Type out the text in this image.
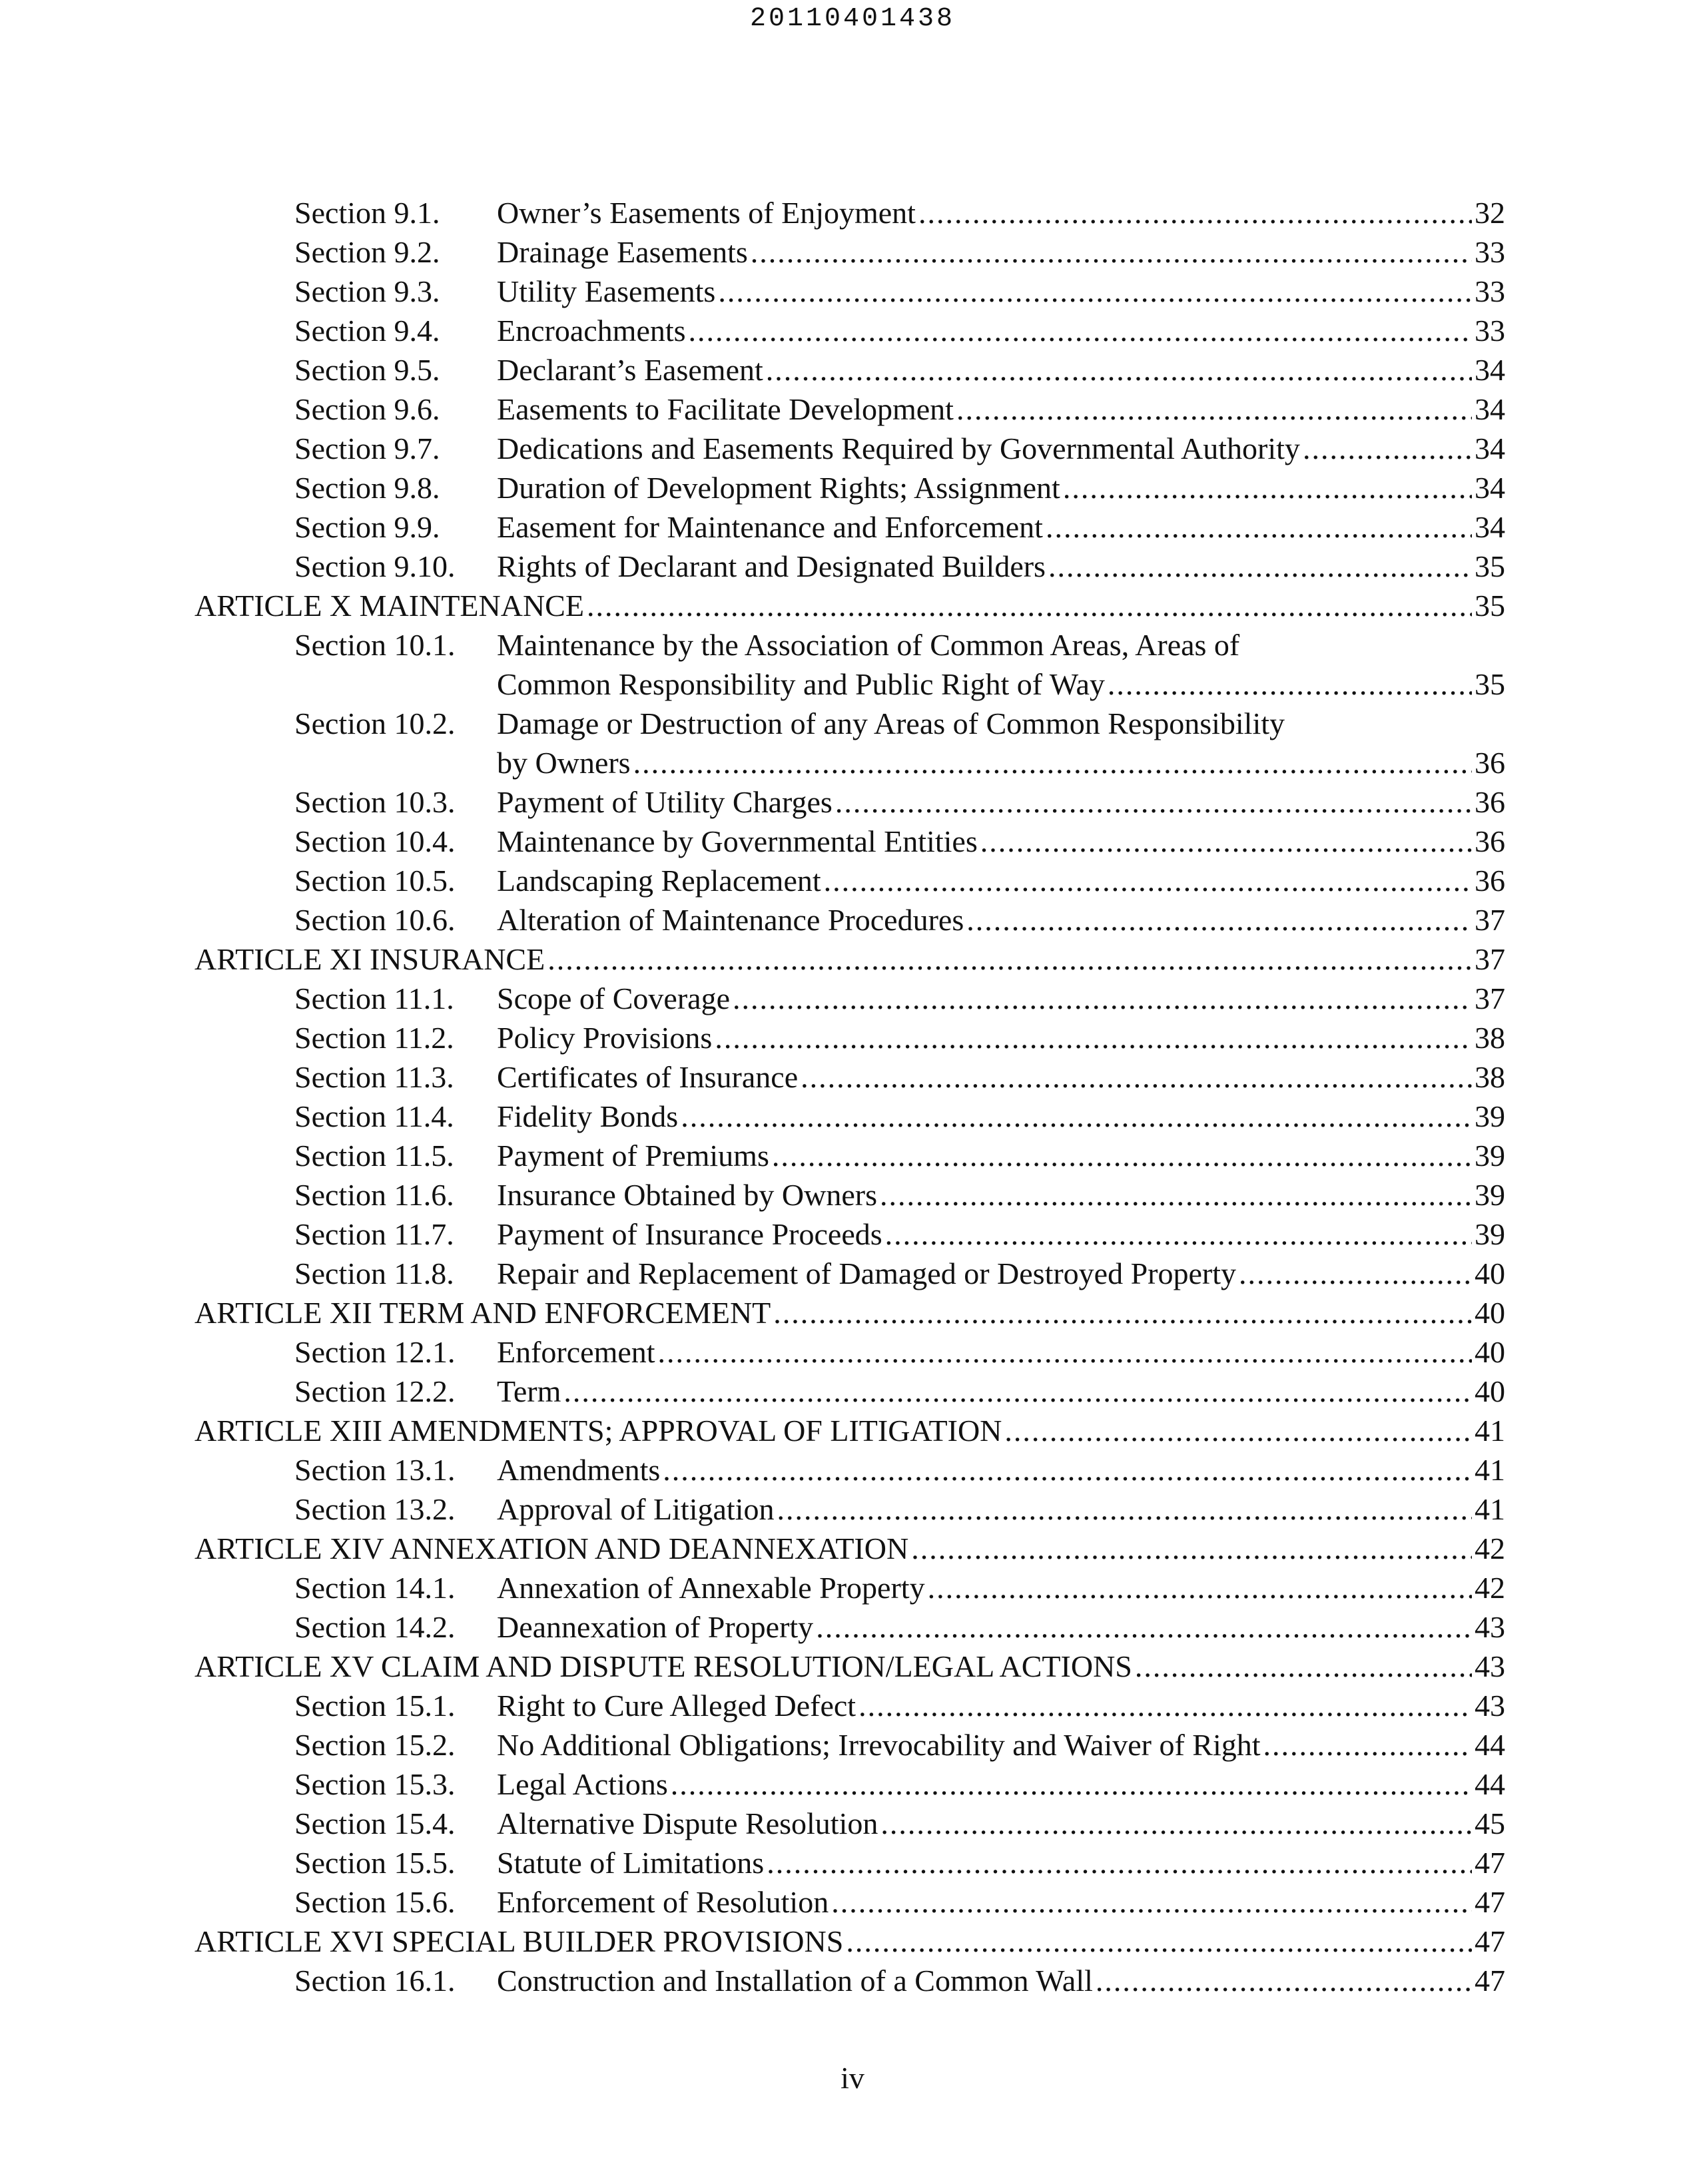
20110401438
Section 9.1. Owner’s Easements of Enjoyment .....	32
Section 9.2. Drainage Easements .....	33
Section 9.3. Utility Easements .....	33
Section 9.4. Encroachments .....	33
Section 9.5. Declarant’s Easement .....	34
Section 9.6. Easements to Facilitate Development .....	34
Section 9.7. Dedications and Easements Required by Governmental Authority .....	34
Section 9.8. Duration of Development Rights; Assignment .....	34
Section 9.9. Easement for Maintenance and Enforcement .....	34
Section 9.10. Rights of Declarant and Designated Builders .....	35
ARTICLE X MAINTENANCE .....	35
Section 10.1. Maintenance by the Association of Common Areas, Areas of
Common Responsibility and Public Right of Way .....	35
Section 10.2. Damage or Destruction of any Areas of Common Responsibility
by Owners .....	36
Section 10.3. Payment of Utility Charges .....	36
Section 10.4. Maintenance by Governmental Entities .....	36
Section 10.5. Landscaping Replacement .....	36
Section 10.6. Alteration of Maintenance Procedures .....	37
ARTICLE XI INSURANCE .....	37
Section 11.1. Scope of Coverage .....	37
Section 11.2. Policy Provisions .....	38
Section 11.3. Certificates of Insurance .....	38
Section 11.4. Fidelity Bonds .....	39
Section 11.5. Payment of Premiums .....	39
Section 11.6. Insurance Obtained by Owners .....	39
Section 11.7. Payment of Insurance Proceeds .....	39
Section 11.8. Repair and Replacement of Damaged or Destroyed Property .....	40
ARTICLE XII TERM AND ENFORCEMENT .....	40
Section 12.1. Enforcement .....	40
Section 12.2. Term .....	40
ARTICLE XIII AMENDMENTS; APPROVAL OF LITIGATION .....	41
Section 13.1. Amendments .....	41
Section 13.2. Approval of Litigation .....	41
ARTICLE XIV ANNEXATION AND DEANNEXATION .....	42
Section 14.1. Annexation of Annexable Property .....	42
Section 14.2. Deannexation of Property .....	43
ARTICLE XV CLAIM AND DISPUTE RESOLUTION/LEGAL ACTIONS .....	43
Section 15.1. Right to Cure Alleged Defect .....	43
Section 15.2. No Additional Obligations; Irrevocability and Waiver of Right .....	44
Section 15.3. Legal Actions .....	44
Section 15.4. Alternative Dispute Resolution .....	45
Section 15.5. Statute of Limitations .....	47
Section 15.6. Enforcement of Resolution .....	47
ARTICLE XVI SPECIAL BUILDER PROVISIONS .....	47
Section 16.1. Construction and Installation of a Common Wall .....	47
iv
